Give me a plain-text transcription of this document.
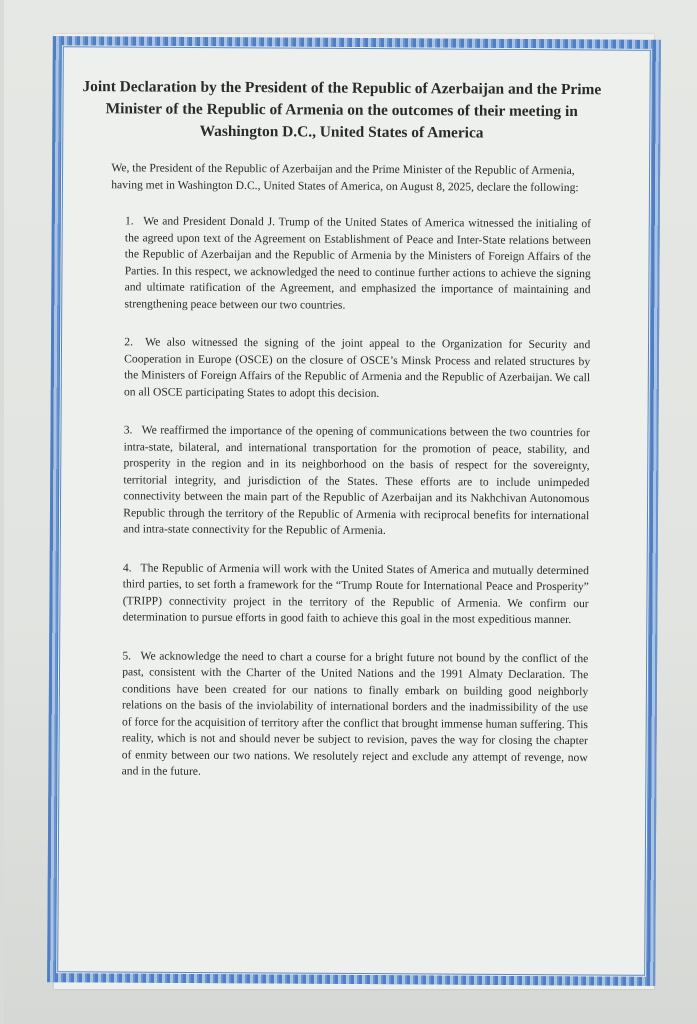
Joint Declaration by the President of the Republic of Azerbaijan and the Prime Minister of the Republic of Armenia on the outcomes of their meeting in Washington D.C., United States of America
We, the President of the Republic of Azerbaijan and the Prime Minister of the Republic of Armenia, having met in Washington D.C., United States of America, on August 8, 2025, declare the following:
1. We and President Donald J. Trump of the United States of America witnessed the initialing of the agreed upon text of the Agreement on Establishment of Peace and Inter-State relations between the Republic of Azerbaijan and the Republic of Armenia by the Ministers of Foreign Affairs of the Parties. In this respect, we acknowledged the need to continue further actions to achieve the signing and ultimate ratification of the Agreement, and emphasized the importance of maintaining and strengthening peace between our two countries.
2. We also witnessed the signing of the joint appeal to the Organization for Security and Cooperation in Europe (OSCE) on the closure of OSCE’s Minsk Process and related structures by the Ministers of Foreign Affairs of the Republic of Armenia and the Republic of Azerbaijan. We call on all OSCE participating States to adopt this decision.
3. We reaffirmed the importance of the opening of communications between the two countries for intra-state, bilateral, and international transportation for the promotion of peace, stability, and prosperity in the region and in its neighborhood on the basis of respect for the sovereignty, territorial integrity, and jurisdiction of the States. These efforts are to include unimpeded connectivity between the main part of the Republic of Azerbaijan and its Nakhchivan Autonomous Republic through the territory of the Republic of Armenia with reciprocal benefits for international and intra-state connectivity for the Republic of Armenia.
4. The Republic of Armenia will work with the United States of America and mutually determined third parties, to set forth a framework for the “Trump Route for International Peace and Prosperity” (TRIPP) connectivity project in the territory of the Republic of Armenia. We confirm our determination to pursue efforts in good faith to achieve this goal in the most expeditious manner.
5. We acknowledge the need to chart a course for a bright future not bound by the conflict of the past, consistent with the Charter of the United Nations and the 1991 Almaty Declaration. The conditions have been created for our nations to finally embark on building good neighborly relations on the basis of the inviolability of international borders and the inadmissibility of the use of force for the acquisition of territory after the conflict that brought immense human suffering. This reality, which is not and should never be subject to revision, paves the way for closing the chapter of enmity between our two nations. We resolutely reject and exclude any attempt of revenge, now and in the future.
